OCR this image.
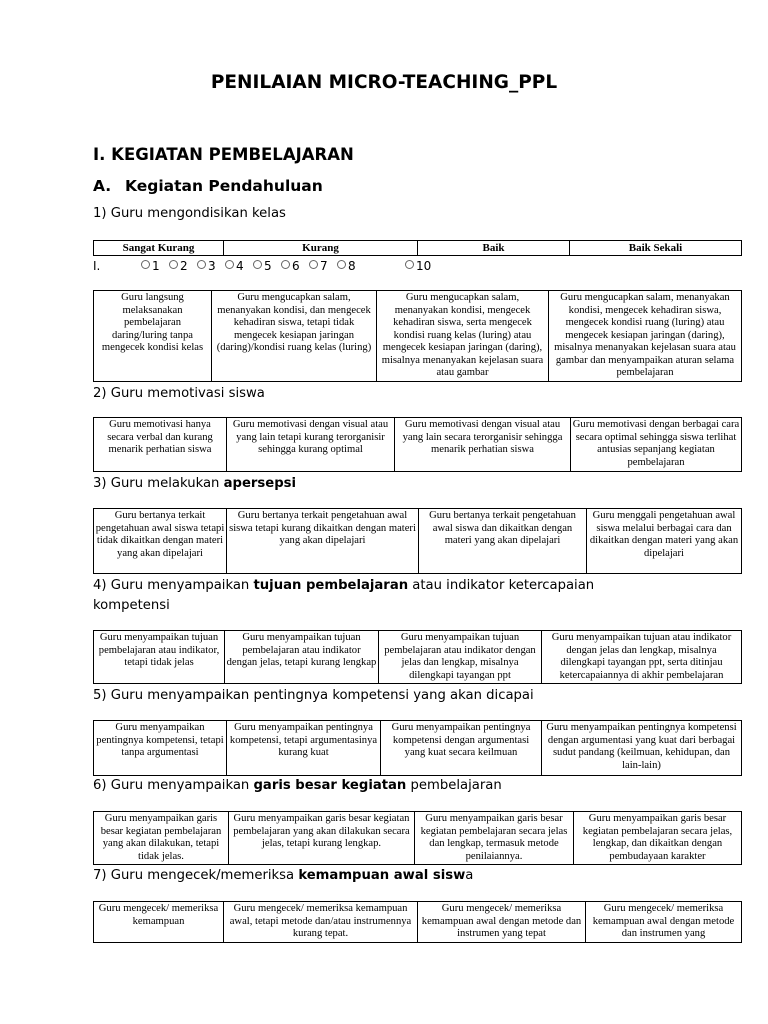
PENILAIAN MICRO-TEACHING_PPL
I. KEGIATAN PEMBELAJARAN
A. Kegiatan Pendahuluan
1) Guru mengondisikan kelas
Sangat Kurang	Kurang	Baik	Baik Sekali
I.	1	2	3	4	5	6	7	8	10
Guru langsung melaksanakan pembelajaran daring/luring tanpa mengecek kondisi kelas	Guru mengucapkan salam, menanyakan kondisi, dan mengecek kehadiran siswa, tetapi tidak mengecek kesiapan jaringan (daring)/kondisi ruang kelas (luring)	Guru mengucapkan salam, menanyakan kondisi, mengecek kehadiran siswa, serta mengecek kondisi ruang kelas (luring) atau mengecek kesiapan jaringan (daring), misalnya menanyakan kejelasan suara atau gambar	Guru mengucapkan salam, menanyakan kondisi, mengecek kehadiran siswa, mengecek kondisi ruang (luring) atau mengecek kesiapan jaringan (daring), misalnya menanyakan kejelasan suara atau gambar dan menyampaikan aturan selama pembelajaran
2) Guru memotivasi siswa
Guru memotivasi hanya secara verbal dan kurang menarik perhatian siswa	Guru memotivasi dengan visual atau yang lain tetapi kurang terorganisir sehingga kurang optimal	Guru memotivasi dengan visual atau yang lain secara terorganisir sehingga menarik perhatian siswa	Guru memotivasi dengan berbagai cara secara optimal sehingga siswa terlihat antusias sepanjang kegiatan pembelajaran
3) Guru melakukan apersepsi
Guru bertanya terkait pengetahuan awal siswa tetapi tidak dikaitkan dengan materi yang akan dipelajari	Guru bertanya terkait pengetahuan awal siswa tetapi kurang dikaitkan dengan materi yang akan dipelajari	Guru bertanya terkait pengetahuan awal siswa dan dikaitkan dengan materi yang akan dipelajari	Guru menggali pengetahuan awal siswa melalui berbagai cara dan dikaitkan dengan materi yang akan dipelajari
4) Guru menyampaikan tujuan pembelajaran atau indikator ketercapaian kompetensi
Guru menyampaikan tujuan pembelajaran atau indikator, tetapi tidak jelas	Guru menyampaikan tujuan pembelajaran atau indikator dengan jelas, tetapi kurang lengkap	Guru menyampaikan tujuan pembelajaran atau indikator dengan jelas dan lengkap, misalnya dilengkapi tayangan ppt	Guru menyampaikan tujuan atau indikator dengan jelas dan lengkap, misalnya dilengkapi tayangan ppt, serta ditinjau ketercapaiannya di akhir pembelajaran
5) Guru menyampaikan pentingnya kompetensi yang akan dicapai
Guru menyampaikan pentingnya kompetensi, tetapi tanpa argumentasi	Guru menyampaikan pentingnya kompetensi, tetapi argumentasinya kurang kuat	Guru menyampaikan pentingnya kompetensi dengan argumentasi yang kuat secara keilmuan	Guru menyampaikan pentingnya kompetensi dengan argumentasi yang kuat dari berbagai sudut pandang (keilmuan, kehidupan, dan lain-lain)
6) Guru menyampaikan garis besar kegiatan pembelajaran
Guru menyampaikan garis besar kegiatan pembelajaran yang akan dilakukan, tetapi tidak jelas.	Guru menyampaikan garis besar kegiatan pembelajaran yang akan dilakukan secara jelas, tetapi kurang lengkap.	Guru menyampaikan garis besar kegiatan pembelajaran secara jelas dan lengkap, termasuk metode penilaiannya.	Guru menyampaikan garis besar kegiatan pembelajaran secara jelas, lengkap, dan dikaitkan dengan pembudayaan karakter
7) Guru mengecek/memeriksa kemampuan awal siswa
Guru mengecek/ memeriksa kemampuan	Guru mengecek/ memeriksa kemampuan awal, tetapi metode dan/atau instrumennya kurang tepat.	Guru mengecek/ memeriksa kemampuan awal dengan metode dan instrumen yang tepat	Guru mengecek/ memeriksa kemampuan awal dengan metode dan instrumen yang
